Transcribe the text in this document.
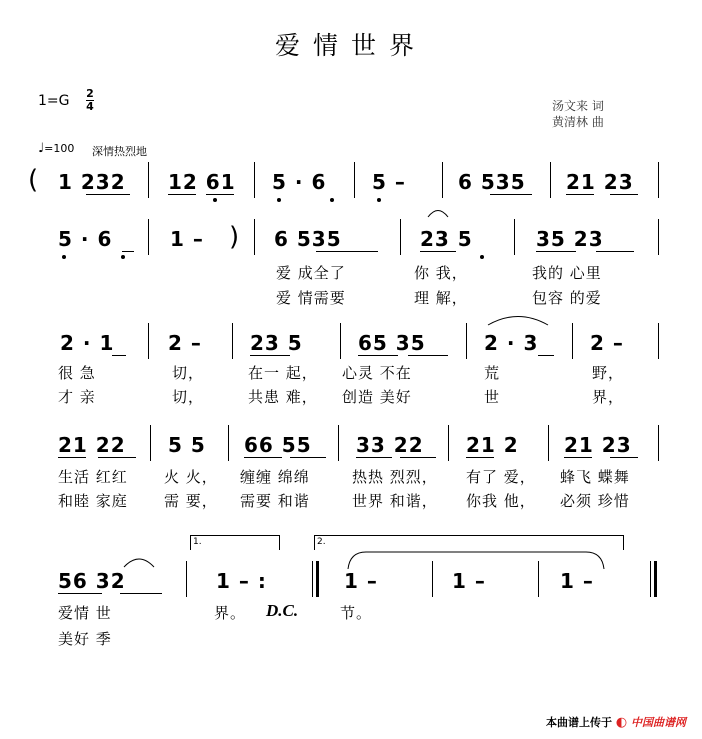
爱情世界
1=G 2
4	汤文来 词
黄清林 曲
♩=100 深情热烈地
( 1 232 12 61 5 · 6 5 –	6 535 21 23
5 · 6	1 – ) 6 535	23 5	35 23
爱 成全了	你 我，	我的 心里
爱 情需要	理 解，	包容 的爱
2 · 1	2 – 23 5	65 35	2 · 3	2 –
很 急	切，	在一 起， 心灵 不在	荒	野，
才 亲	切，	共患 难， 创造 美好	世	界，
21 22 5 5 66 55 33 22 21 2 21 23
生活 红红 火 火， 缠缠 绵绵	热热 烈烈， 有了 爱， 蜂飞 蝶舞
和睦 家庭 需 要， 需要 和谐	世界 和谐， 你我 他， 必须 珍惜
1.	2.
56 32	1 – :	1 –	1 –	1 –
爱情 世	界。 D.C.	节。
美好 季
本曲谱上传于 ◐ 中国曲谱网
